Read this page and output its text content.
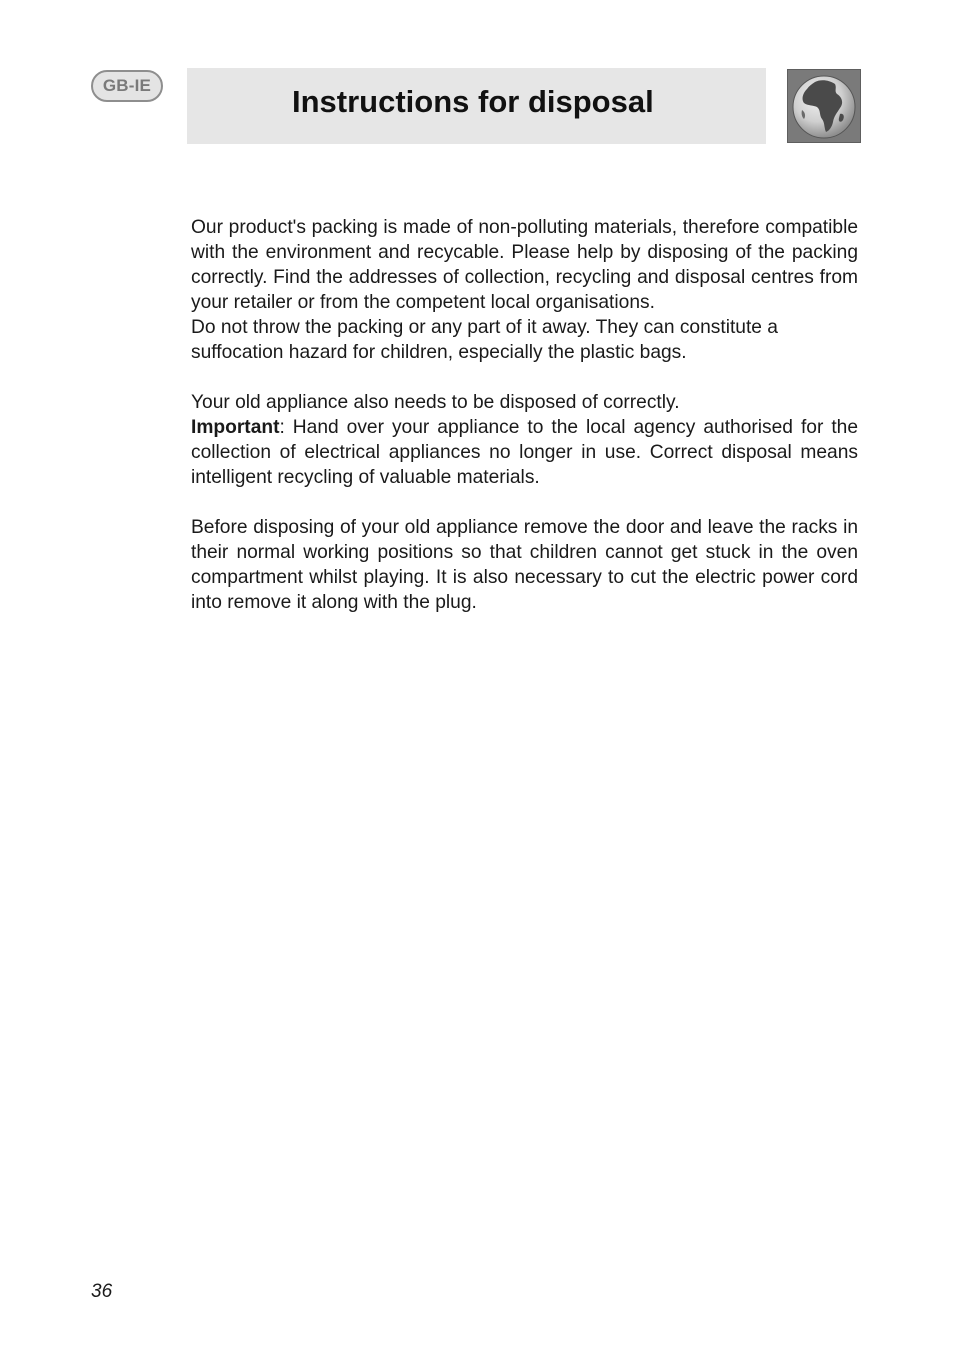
GB-IE	Instructions for disposal

Our product's packing is made of non-polluting materials, therefore compatible with the environment and recycable. Please help by disposing of the packing correctly. Find the addresses of collection, recycling and disposal centres from your retailer or from the competent local organisations.

Do not throw the packing or any part of it away. They can constitute a suffocation hazard for children, especially the plastic bags.

Your old appliance also needs to be disposed of correctly.

Important: Hand over your appliance to the local agency authorised for the collection of electrical appliances no longer in use. Correct disposal means intelligent recycling of valuable materials.

Before disposing of your old appliance remove the door and leave the racks in their normal working positions so that children cannot get stuck in the oven compartment whilst playing. It is also necessary to cut the electric power cord into remove it along with the plug.

36
